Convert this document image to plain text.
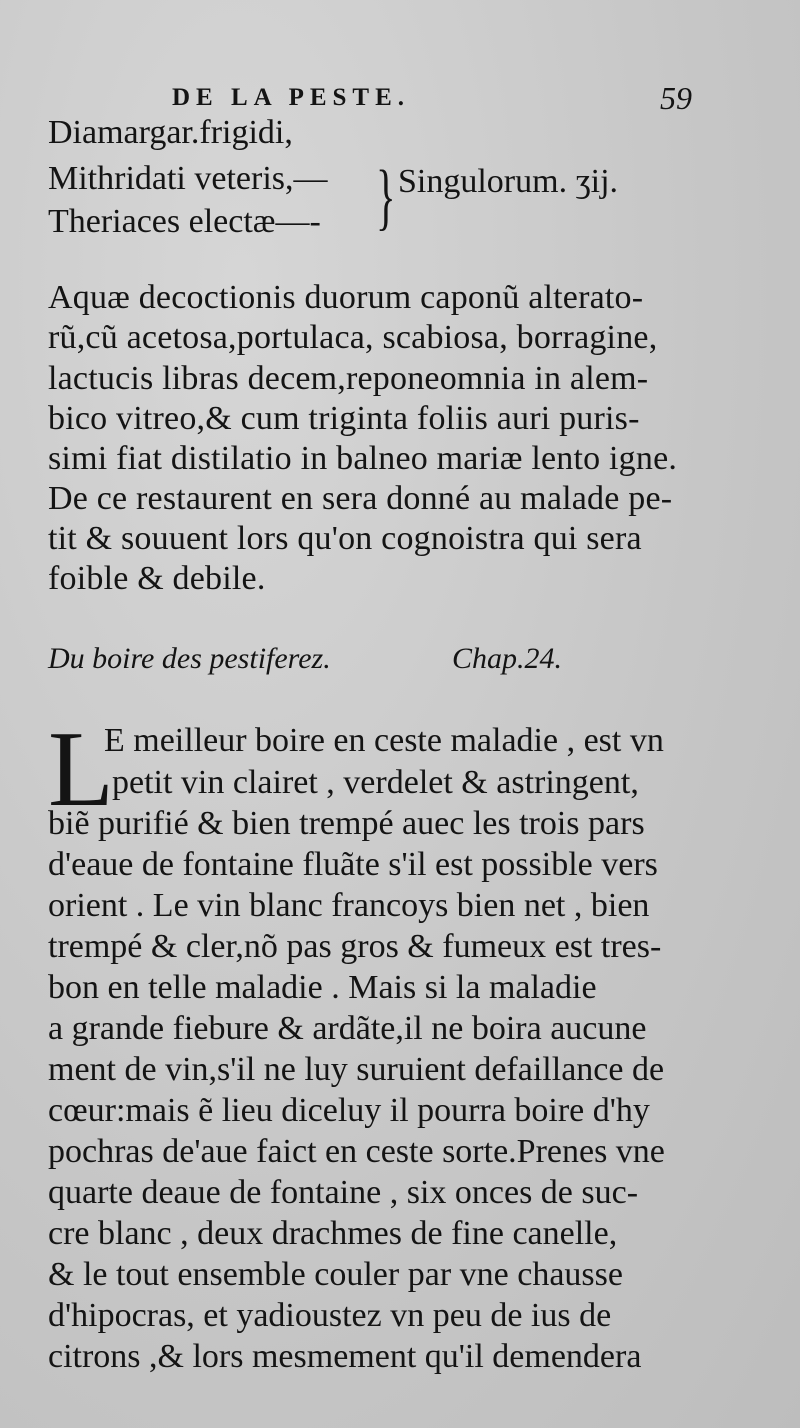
DE LA PESTE.	59
Diamargar.frigidi,
Mithridati veteris,—
Theriaces electæ—- } Singulorum. ʒij.
Aquæ decoctionis duorum caponũ alterato-
rũ,cũ acetosa,portulaca, scabiosa, borragine,
lactucis libras decem,reponeomnia in alem-
bico vitreo,& cum triginta foliis auri puris-
simi fiat distilatio in balneo mariæ lento igne.
De ce restaurent en sera donné au malade pe-
tit & souuent lors qu'on cognoistra qui sera
foible & debile.
Du boire des pestiferez.	Chap.24.
L
E meilleur boire en ceste maladie , est vn
petit vin clairet , verdelet & astringent,
biẽ purifié & bien trempé auec les trois pars
d'eaue de fontaine fluãte s'il est possible vers
orient . Le vin blanc francoys bien net , bien
trempé & cler,nõ pas gros & fumeux est tres-
bon en telle maladie . Mais si la maladie
a grande fiebure & ardãte,il ne boira aucune
ment de vin,s'il ne luy suruient defaillance de
cœur:mais ẽ lieu diceluy il pourra boire d'hy
pochras de'aue faict en ceste sorte.Prenes vne
quarte deaue de fontaine , six onces de suc-
cre blanc , deux drachmes de fine canelle,
& le tout ensemble couler par vne chausse
d'hipocras, et yadioustez vn peu de ius de
citrons ,& lors mesmement qu'il demendera
